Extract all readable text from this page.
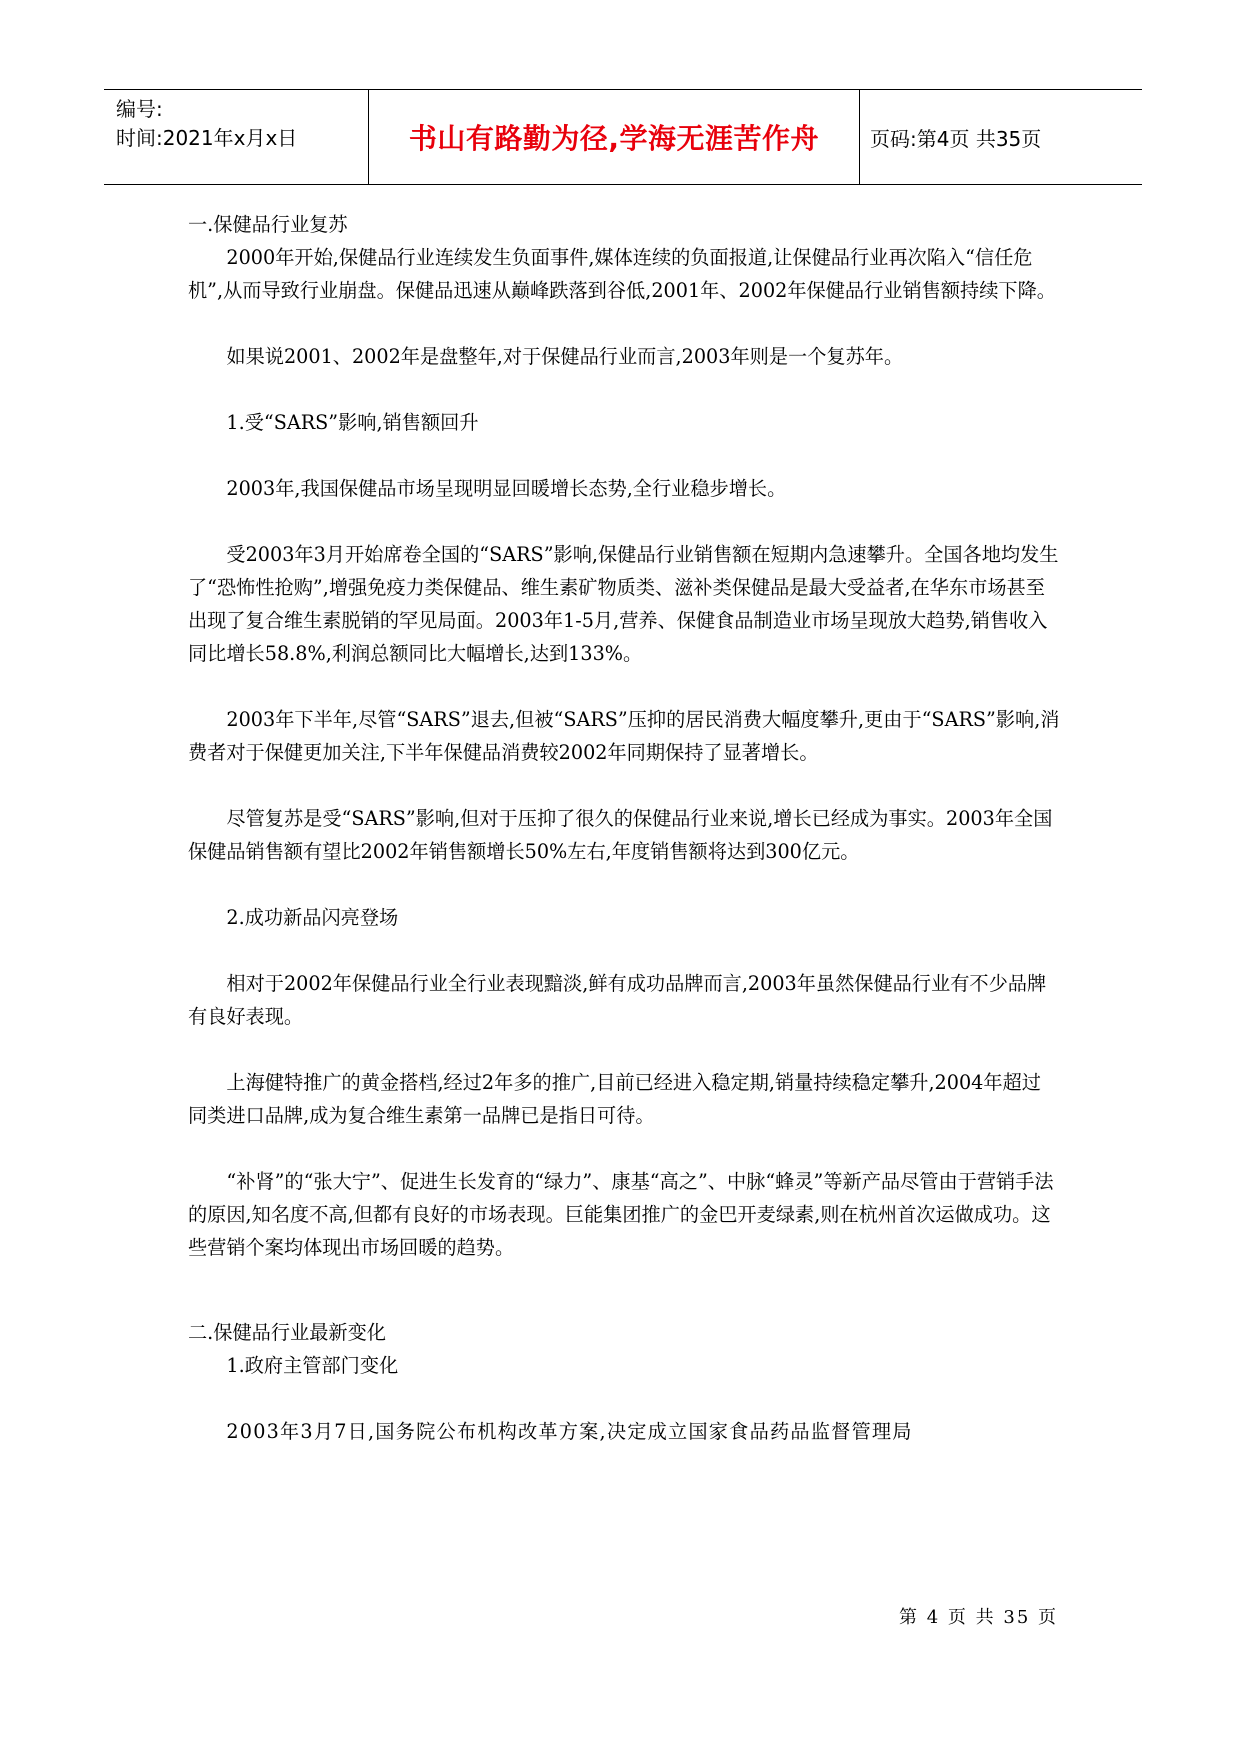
编号:
时间:2021年x月x日	书山有路勤为径,学海无涯苦作舟	页码:第4页 共35页

一.保健品行业复苏

2000年开始,保健品行业连续发生负面事件,媒体连续的负面报道,让保健品行业再次陷入“信任危机”,从而导致行业崩盘。保健品迅速从巅峰跌落到谷低,2001年、2002年保健品行业销售额持续下降。

如果说2001、2002年是盘整年,对于保健品行业而言,2003年则是一个复苏年。

1.受“SARS”影响,销售额回升

2003年,我国保健品市场呈现明显回暖增长态势,全行业稳步增长。

受2003年3月开始席卷全国的“SARS”影响,保健品行业销售额在短期内急速攀升。全国各地均发生了“恐怖性抢购”,增强免疫力类保健品、维生素矿物质类、滋补类保健品是最大受益者,在华东市场甚至出现了复合维生素脱销的罕见局面。2003年1-5月,营养、保健食品制造业市场呈现放大趋势,销售收入同比增长58.8%,利润总额同比大幅增长,达到133%。

2003年下半年,尽管“SARS”退去,但被“SARS”压抑的居民消费大幅度攀升,更由于“SARS”影响,消费者对于保健更加关注,下半年保健品消费较2002年同期保持了显著增长。

尽管复苏是受“SARS”影响,但对于压抑了很久的保健品行业来说,增长已经成为事实。2003年全国保健品销售额有望比2002年销售额增长50%左右,年度销售额将达到300亿元。

2.成功新品闪亮登场

相对于2002年保健品行业全行业表现黯淡,鲜有成功品牌而言,2003年虽然保健品行业有不少品牌有良好表现。

上海健特推广的黄金搭档,经过2年多的推广,目前已经进入稳定期,销量持续稳定攀升,2004年超过同类进口品牌,成为复合维生素第一品牌已是指日可待。

“补肾”的“张大宁”、促进生长发育的“绿力”、康基“高之”、中脉“蜂灵”等新产品尽管由于营销手法的原因,知名度不高,但都有良好的市场表现。巨能集团推广的金巴开麦绿素,则在杭州首次运做成功。这些营销个案均体现出市场回暖的趋势。

二.保健品行业最新变化

1.政府主管部门变化

2003年3月7日,国务院公布机构改革方案,决定成立国家食品药品监督管理局

第 4 页 共 35 页
